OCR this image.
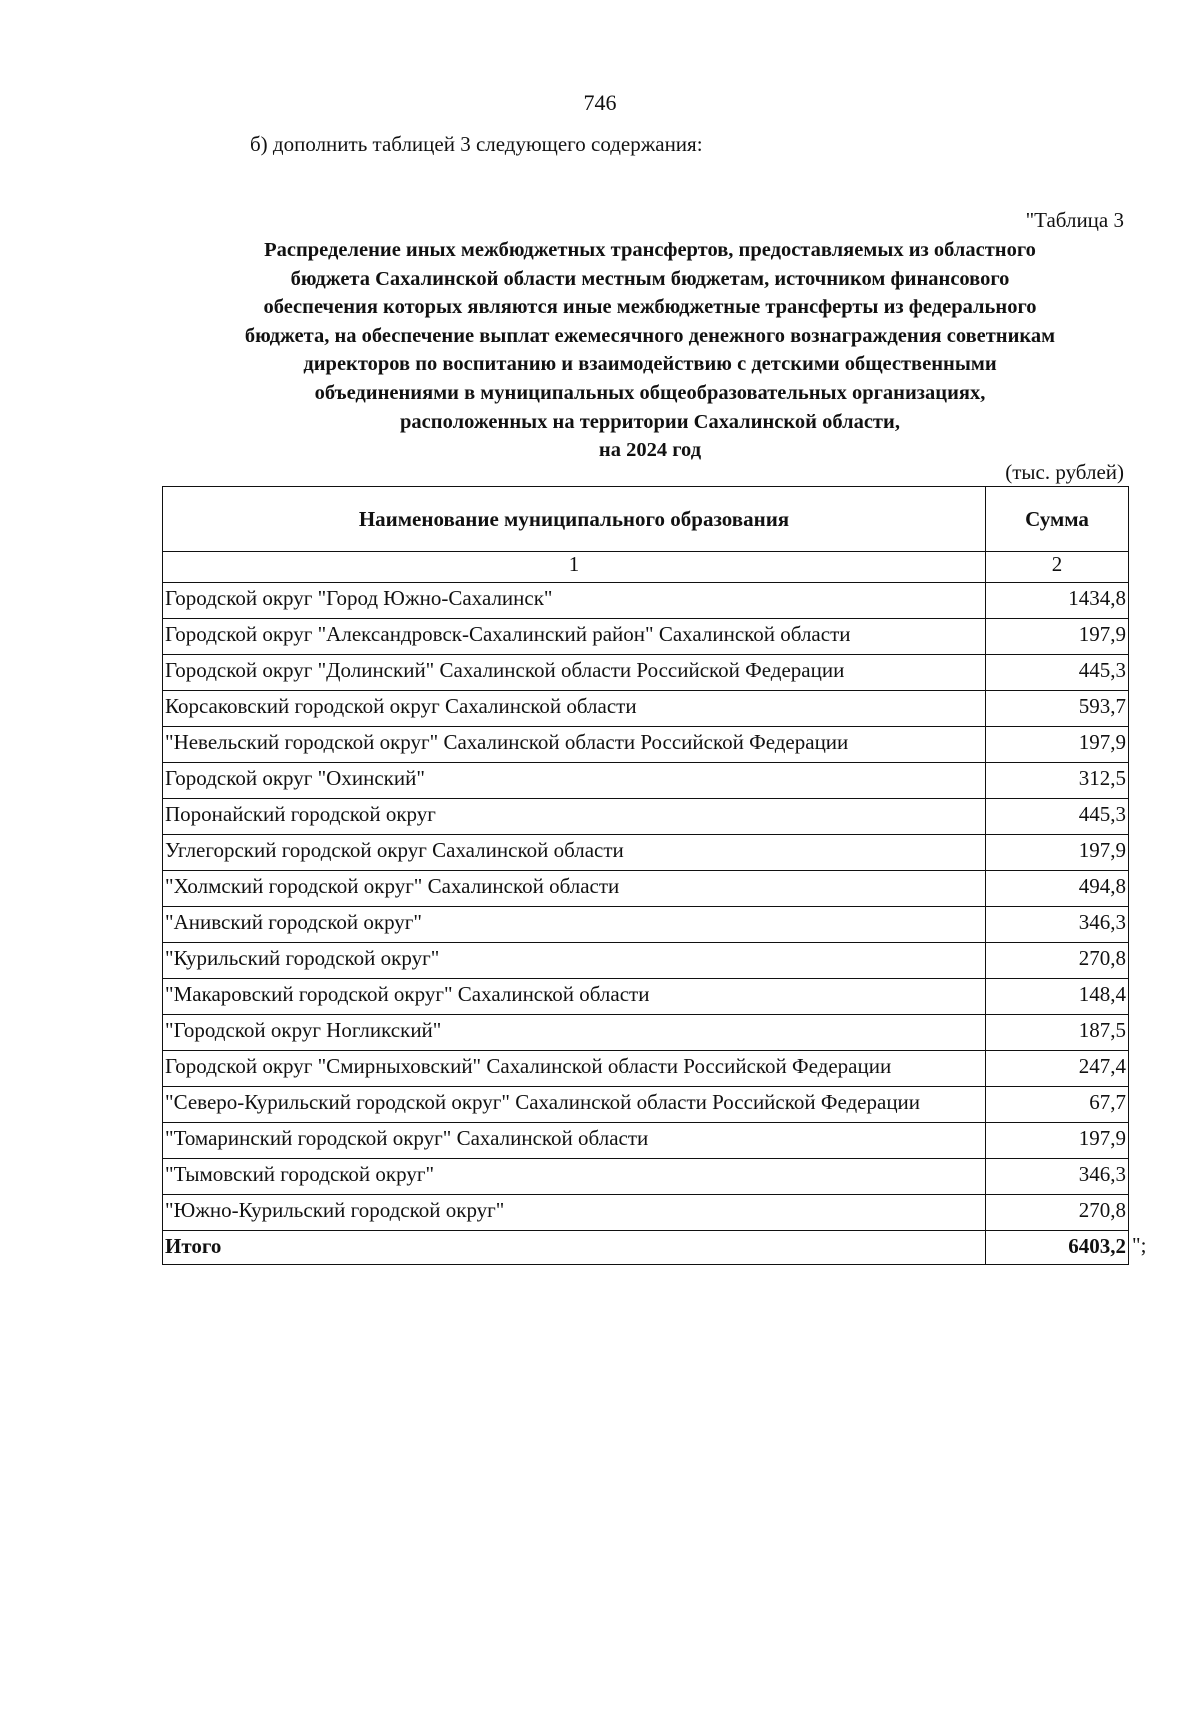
746
б) дополнить таблицей 3 следующего содержания:
"Таблица 3
Распределение иных межбюджетных трансфертов, предоставляемых из областного
бюджета Сахалинской области местным бюджетам, источником финансового
обеспечения которых являются иные межбюджетные трансферты из федерального
бюджета, на обеспечение выплат ежемесячного денежного вознаграждения советникам
директоров по воспитанию и взаимодействию с детскими общественными
объединениями в муниципальных общеобразовательных организациях,
расположенных на территории Сахалинской области,
на 2024 год
(тыс. рублей)
Наименование муниципального образования	Сумма
1	2
Городской округ "Город Южно-Сахалинск"	1434,8
Городской округ "Александровск-Сахалинский район" Сахалинской области	197,9
Городской округ "Долинский" Сахалинской области Российской Федерации	445,3
Корсаковский городской округ Сахалинской области	593,7
"Невельский городской округ" Сахалинской области Российской Федерации	197,9
Городской округ "Охинский"	312,5
Поронайский городской округ	445,3
Углегорский городской округ Сахалинской области	197,9
"Холмский городской округ" Сахалинской области	494,8
"Анивский городской округ"	346,3
"Курильский городской округ"	270,8
"Макаровский городской округ" Сахалинской области	148,4
"Городской округ Ногликский"	187,5
Городской округ "Смирныховский" Сахалинской области Российской Федерации	247,4
"Северо-Курильский городской округ" Сахалинской области Российской Федерации	67,7
"Томаринский городской округ" Сахалинской области	197,9
"Тымовский городской округ"	346,3
"Южно-Курильский городской округ"	270,8
Итого	6403,2 ";
